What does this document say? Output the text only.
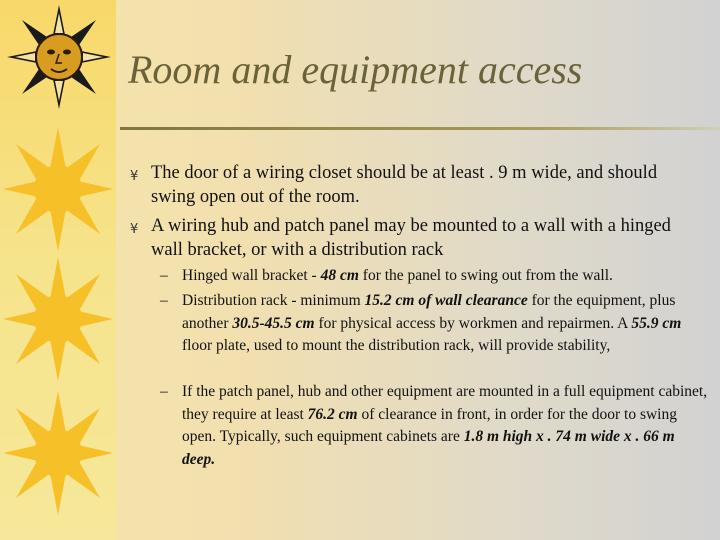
Room and equipment access
¥ The door of a wiring closet should be at least . 9 m wide, and should swing open out of the room.
¥ A wiring hub and patch panel may be mounted to a wall with a hinged wall bracket, or with a distribution rack
– Hinged wall bracket - 48 cm for the panel to swing out from the wall.
– Distribution rack - minimum 15.2 cm of wall clearance for the equipment, plus another 30.5-45.5 cm for physical access by workmen and repairmen. A 55.9 cm floor plate, used to mount the distribution rack, will provide stability,
– If the patch panel, hub and other equipment are mounted in a full equipment cabinet, they require at least 76.2 cm of clearance in front, in order for the door to swing open. Typically, such equipment cabinets are 1.8 m high x . 74 m wide x . 66 m deep.
